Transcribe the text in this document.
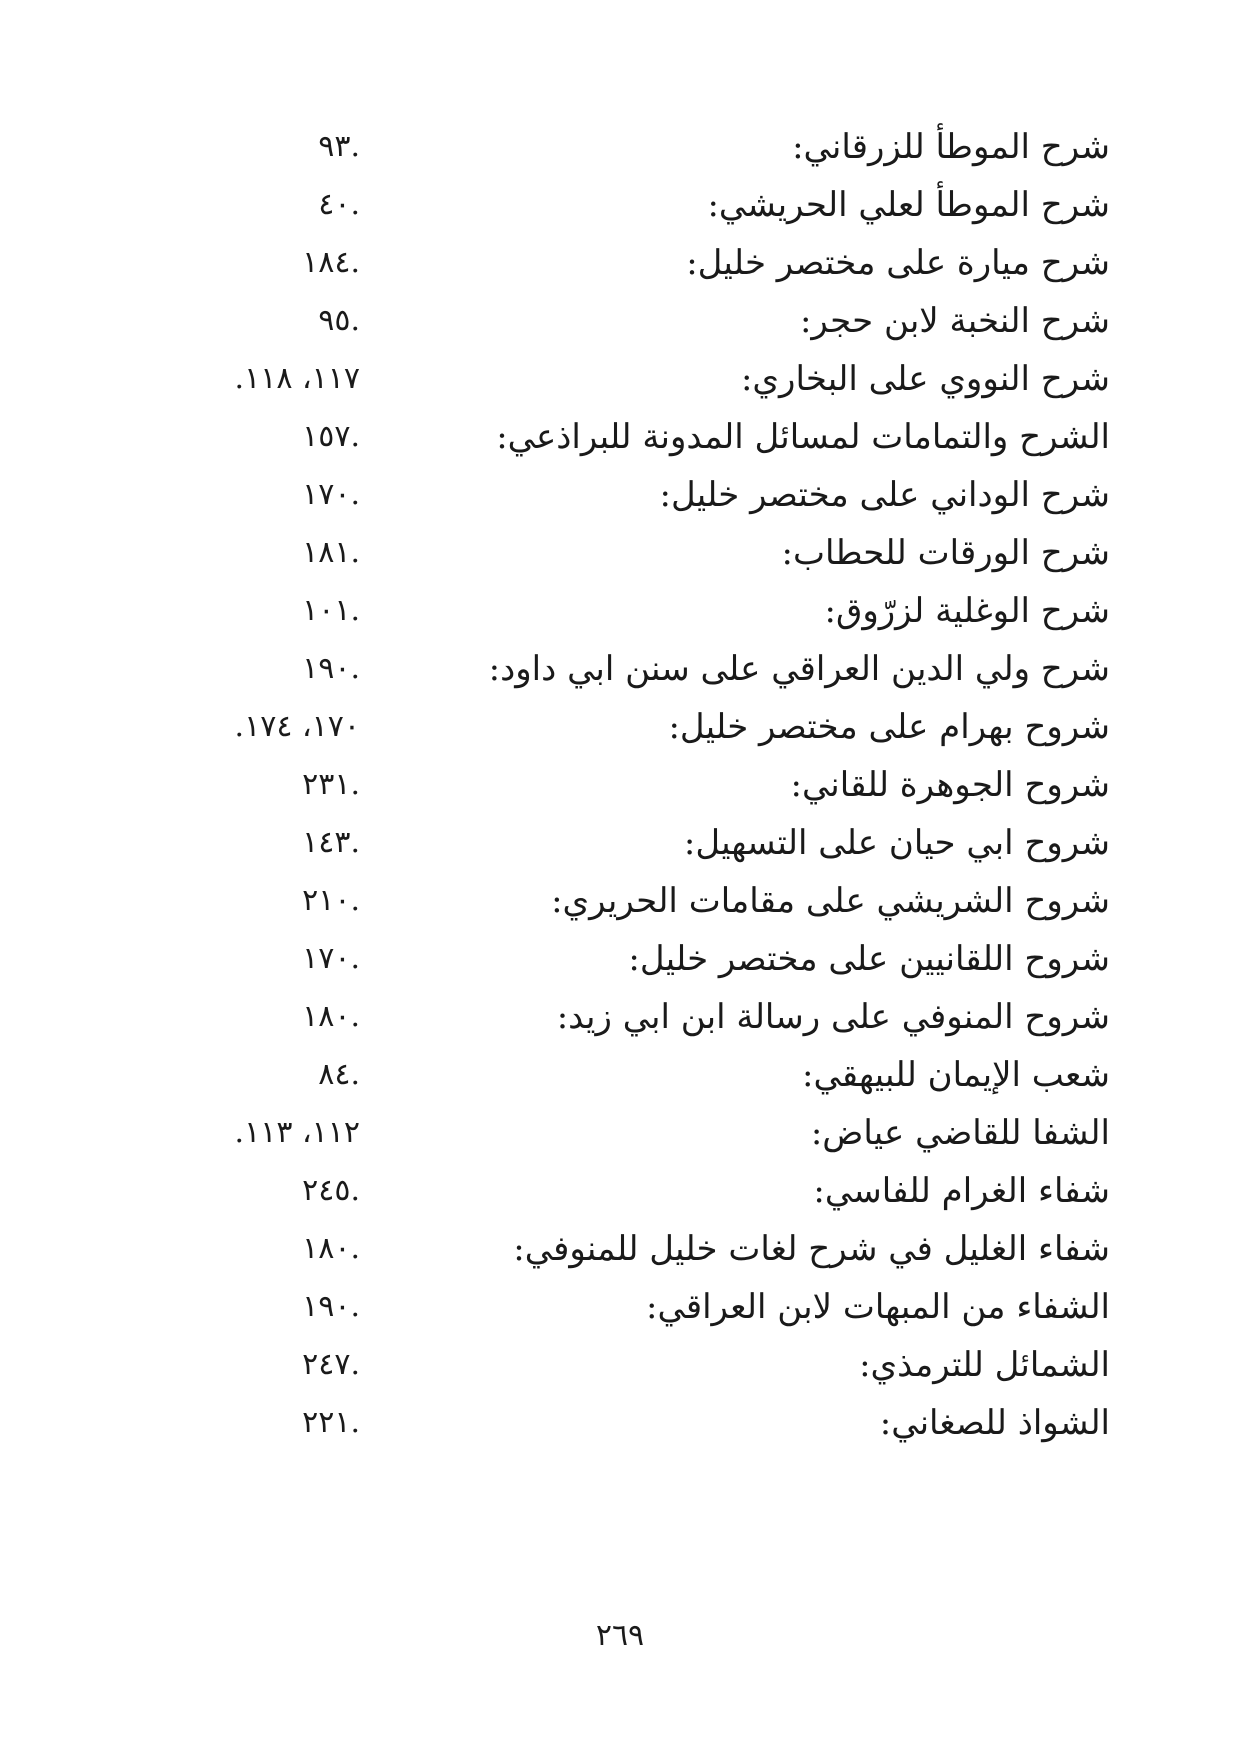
شرح الموطأ للزرقاني:
.٩٣
شرح الموطأ لعلي الحريشي:
.٤٠
شرح ميارة على مختصر خليل:
.١٨٤
شرح النخبة لابن حجر:
.٩٥
شرح النووي على البخاري:
١١٧، ١١٨.
الشرح والتمامات لمسائل المدونة للبراذعي:
.١٥٧
شرح الوداني على مختصر خليل:
.١٧٠
شرح الورقات للحطاب:
.١٨١
شرح الوغلية لزرّوق:
.١٠١
شرح ولي الدين العراقي على سنن ابي داود:
.١٩٠
شروح بهرام على مختصر خليل:
١٧٠، ١٧٤.
شروح الجوهرة للقاني:
.٢٣١
شروح ابي حيان على التسهيل:
.١٤٣
شروح الشريشي على مقامات الحريري:
.٢١٠
شروح اللقانيين على مختصر خليل:
.١٧٠
شروح المنوفي على رسالة ابن ابي زيد:
.١٨٠
شعب الإيمان للبيهقي:
.٨٤
الشفا للقاضي عياض:
١١٢، ١١٣.
شفاء الغرام للفاسي:
.٢٤٥
شفاء الغليل في شرح لغات خليل للمنوفي:
.١٨٠
الشفاء من المبهات لابن العراقي:
.١٩٠
الشمائل للترمذي:
.٢٤٧
الشواذ للصغاني:
.٢٢١
٢٦٩
